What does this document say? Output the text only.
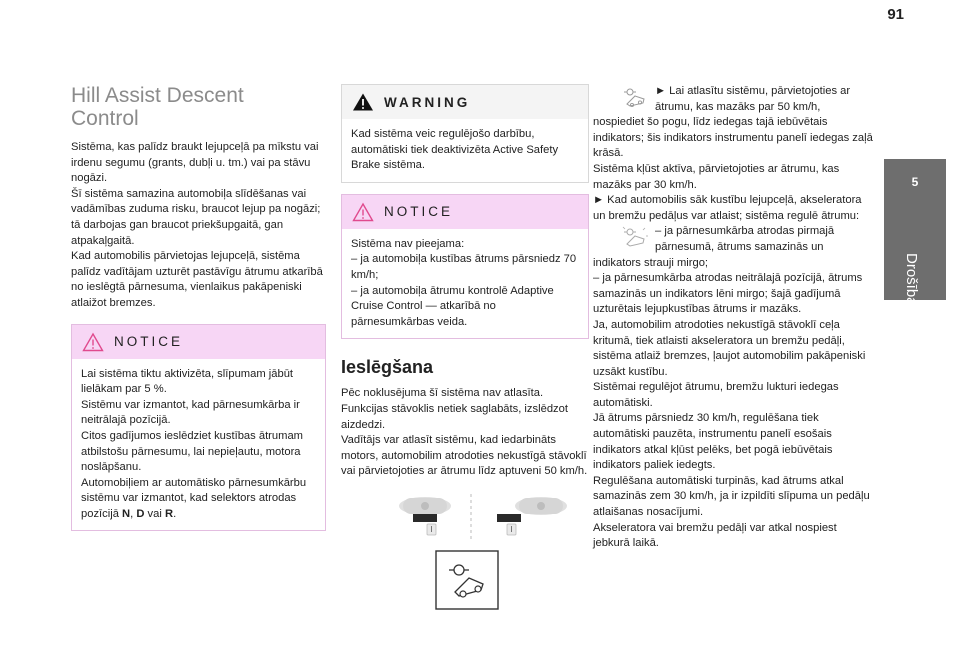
91
5
Drošība
Hill Assist Descent
Control

Sistēma, kas palīdz braukt lejupceļā pa mīkstu vai irdenu segumu (grants, dubļi u. tm.) vai pa stāvu nogāzi.
Šī sistēma samazina automobiļa slīdēšanas vai vadāmības zuduma risku, braucot lejup pa nogāzi; tā darbojas gan braucot priekšupgaitā, gan atpakaļgaitā.
Kad automobilis pārvietojas lejupceļā, sistēma palīdz vadītājam uzturēt pastāvīgu ātrumu atkarībā no ieslēgtā pārnesuma, vienlaikus pakāpeniski atlaižot bremzes.

NOTICE

Lai sistēma tiktu aktivizēta, slīpumam jābūt lielākam par 5 %.
Sistēmu var izmantot, kad pārnesumkārba ir neitrālajā pozīcijā.
Citos gadījumos ieslēdziet kustības ātrumam atbilstošu pārnesumu, lai nepieļautu, motora noslāpšanu.
Automobiļiem ar automātisko pārnesumkārbu sistēmu var izmantot, kad selektors atrodas pozīcijā N, D vai R.

WARNING

Kad sistēma veic regulējošo darbību, automātiski tiek deaktivizēta Active Safety Brake sistēma.

NOTICE

Sistēma nav pieejama:
– ja automobiļa kustības ātrums pārsniedz 70 km/h;
– ja automobiļa ātrumu kontrolē Adaptive Cruise Control — atkarībā no pārnesumkārbas veida.

Ieslēgšana

Pēc noklusējuma šī sistēma nav atlasīta. Funkcijas stāvoklis netiek saglabāts, izslēdzot aizdedzi.
Vadītājs var atlasīt sistēmu, kad iedarbināts motors, automobilim atrodoties nekustīgā stāvoklī vai pārvietojoties ar ātrumu līdz aptuveni 50 km/h.

► Lai atlasītu sistēmu, pārvietojoties ar ātrumu, kas mazāks par 50 km/h,

nospiediet šo pogu, līdz iedegas tajā iebūvētais indikators; šis indikators instrumentu panelī iedegas zaļā krāsā.
Sistēma kļūst aktīva, pārvietojoties ar ātrumu, kas mazāks par 30 km/h.
► Kad automobilis sāk kustību lejupceļā, akseleratora un bremžu pedāļus var atlaist; sistēma regulē ātrumu:

– ja pārnesumkārba atrodas pirmajā pārnesumā, ātrums samazinās un

indikators strauji mirgo;
– ja pārnesumkārba atrodas neitrālajā pozīcijā, ātrums samazinās un indikators lēni mirgo; šajā gadījumā uzturētais lejupkustības ātrums ir mazāks.
Ja, automobilim atrodoties nekustīgā stāvoklī ceļa kritumā, tiek atlaisti akseleratora un bremžu pedāļi, sistēma atlaiž bremzes, ļaujot automobilim pakāpeniski uzsākt kustību.
Sistēmai regulējot ātrumu, bremžu lukturi iedegas automātiski.
Jā ātrums pārsniedz 30 km/h, regulēšana tiek automātiski pauzēta, instrumentu panelī esošais indikators atkal kļūst pelēks, bet pogā iebūvētais indikators paliek iedegts.
Regulēšana automātiski turpinās, kad ātrums atkal samazinās zem 30 km/h, ja ir izpildīti slīpuma un pedāļu atlaišanas nosacījumi.
Akseleratora vai bremžu pedāļi var atkal nospiest jebkurā laikā.
